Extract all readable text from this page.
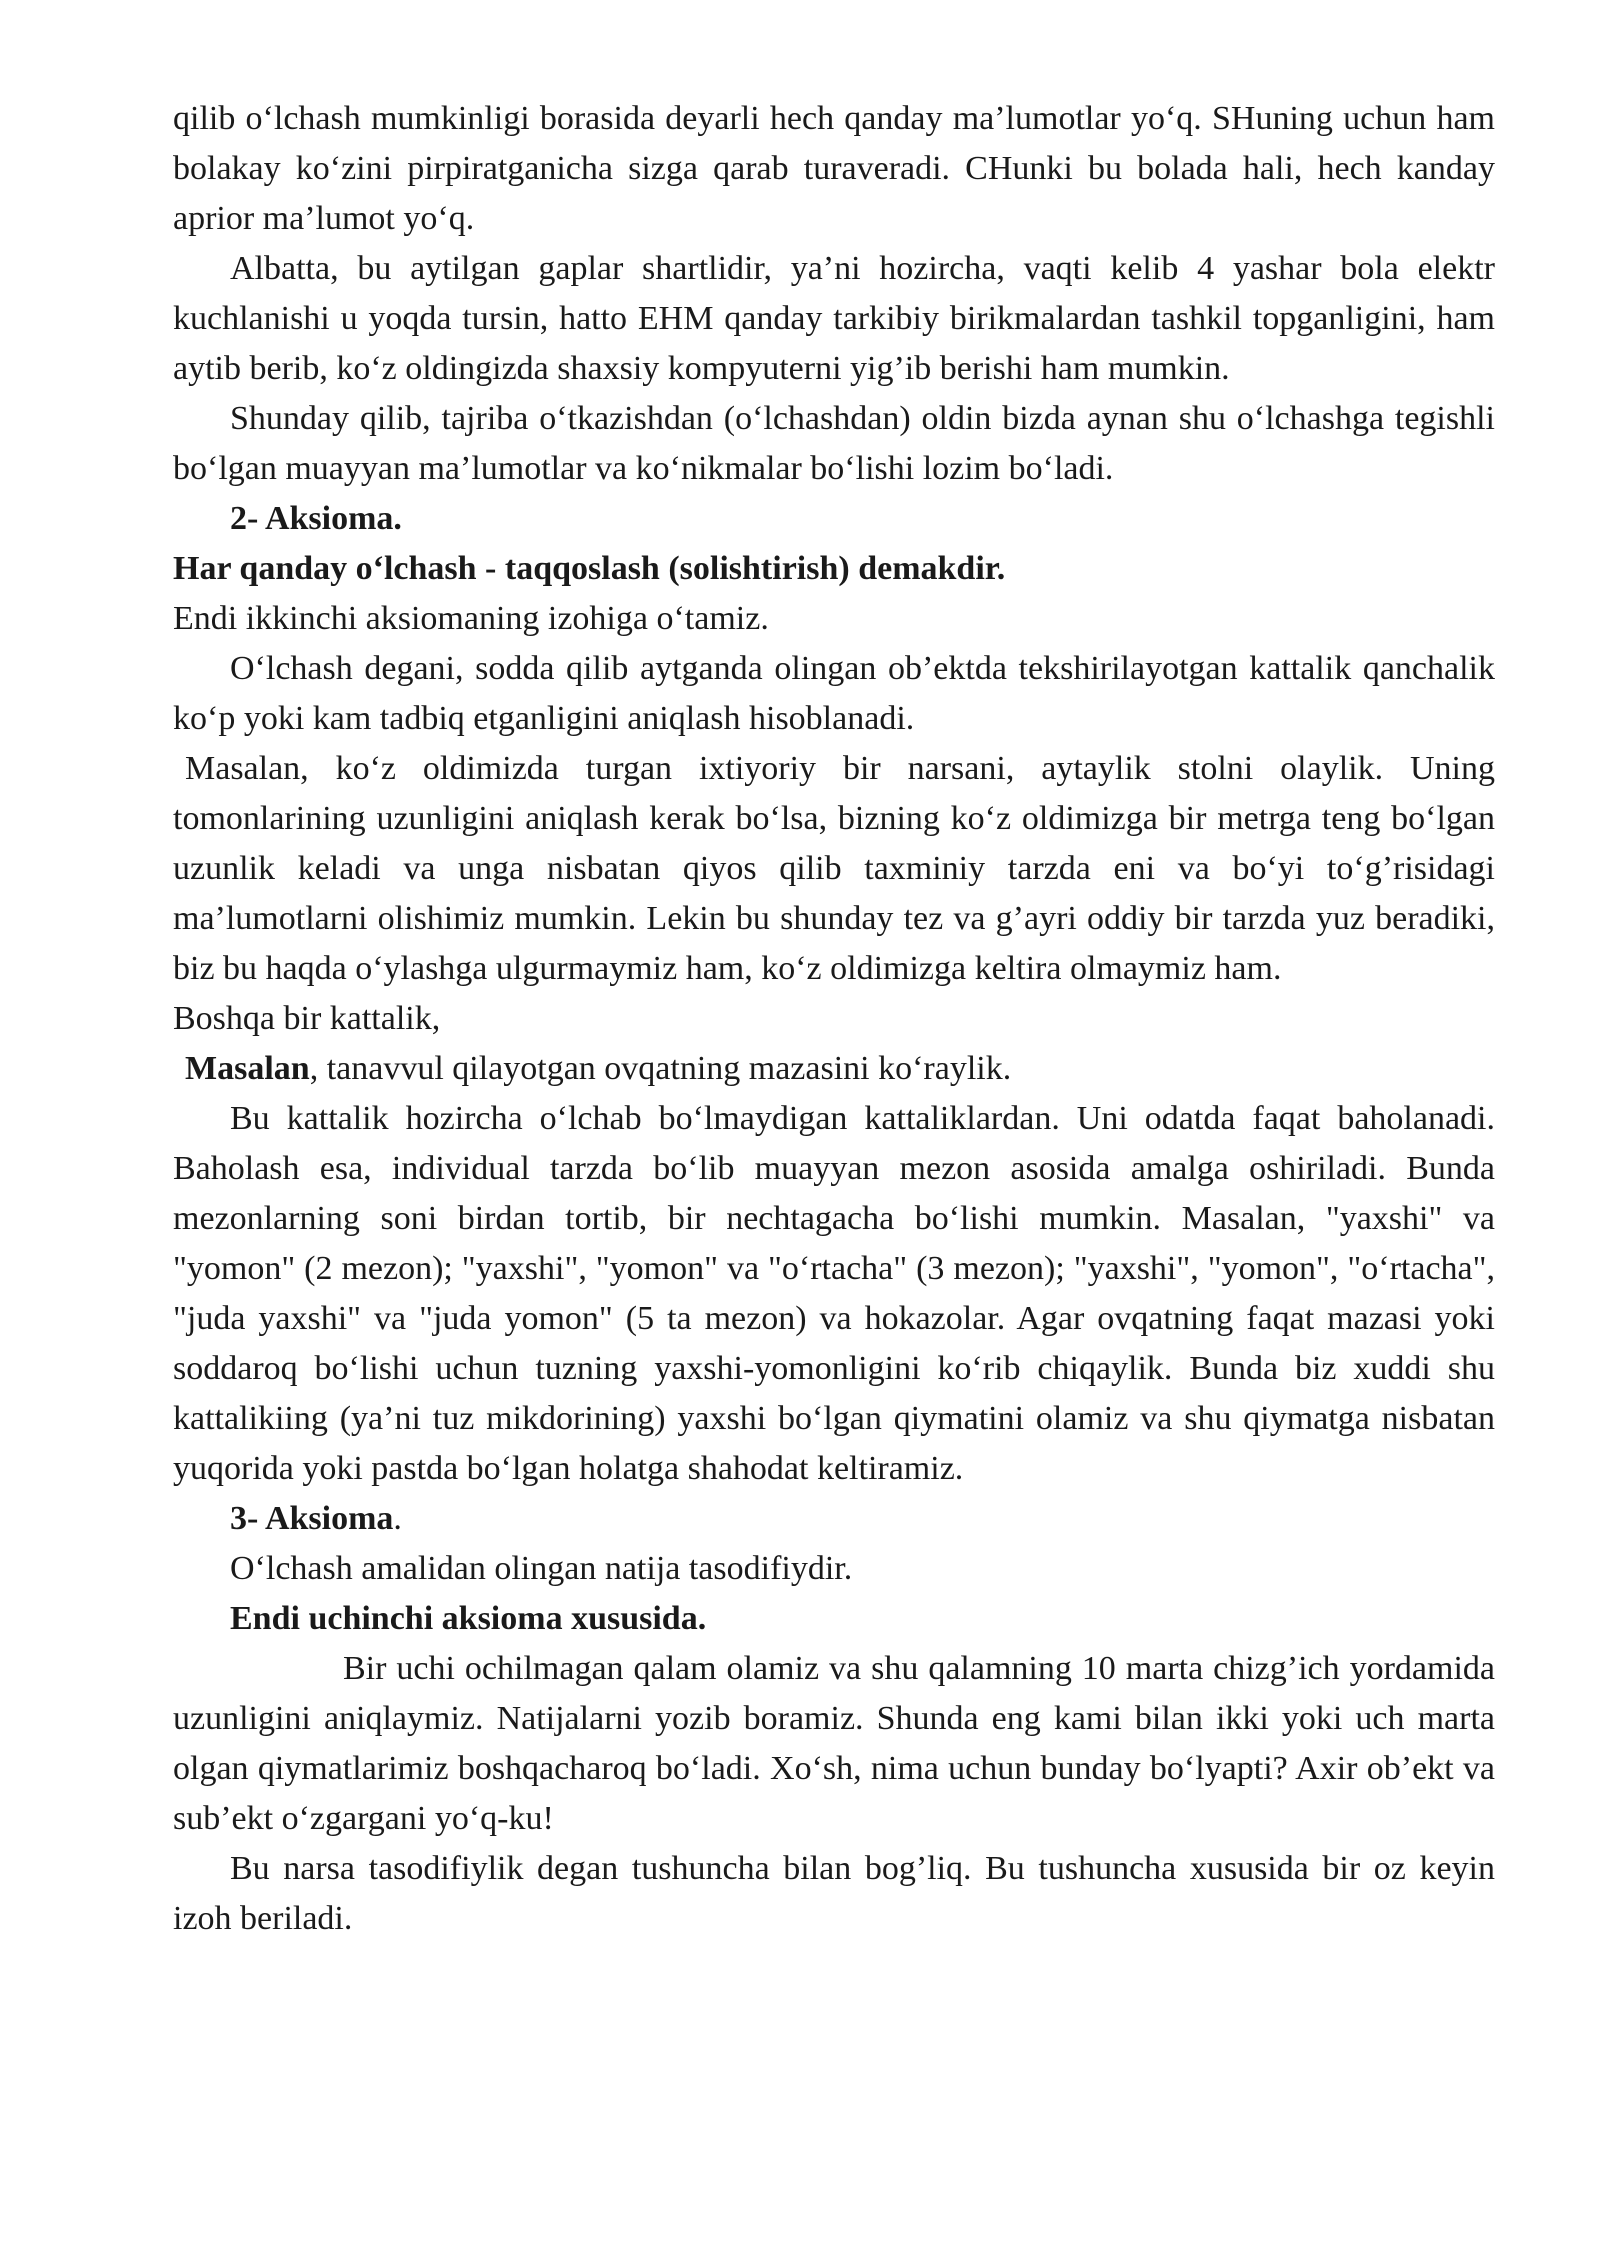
qilib o‘lchash mumkinligi borasida deyarli hech qanday ma’lumotlar yo‘q. SHuning uchun ham bolakay ko‘zini pirpiratganicha sizga qarab turaveradi. CHunki bu bolada hali, hech kanday aprior ma’lumot yo‘q.

Albatta, bu aytilgan gaplar shartlidir, ya’ni hozircha, vaqti kelib 4 yashar bola elektr kuchlanishi u yoqda tursin, hatto EHM qanday tarkibiy birikmalardan tashkil topganligini, ham aytib berib, ko‘z oldingizda shaxsiy kompyuterni yig’ib berishi ham mumkin.

Shunday qilib, tajriba o‘tkazishdan (o‘lchashdan) oldin bizda aynan shu o‘lchashga tegishli bo‘lgan muayyan ma’lumotlar va ko‘nikmalar bo‘lishi lozim bo‘ladi.

2- Aksioma.

Har qanday o‘lchash - taqqoslash (solishtirish) demakdir.

Endi ikkinchi aksiomaning izohiga o‘tamiz.

O‘lchash degani, sodda qilib aytganda olingan ob’ektda tekshirilayotgan kattalik qanchalik ko‘p yoki kam tadbiq etganligini aniqlash hisoblanadi.

Masalan, ko‘z oldimizda turgan ixtiyoriy bir narsani, aytaylik stolni olaylik. Uning tomonlarining uzunligini aniqlash kerak bo‘lsa, bizning ko‘z oldimizga bir metrga teng bo‘lgan uzunlik keladi va unga nisbatan qiyos qilib taxminiy tarzda eni va bo‘yi to‘g’risidagi ma’lumotlarni olishimiz mumkin. Lekin bu shunday tez va g’ayri oddiy bir tarzda yuz beradiki, biz bu haqda o‘ylashga ulgurmaymiz ham, ko‘z oldimizga keltira olmaymiz ham.

Boshqa bir kattalik,

Masalan, tanavvul qilayotgan ovqatning mazasini ko‘raylik.

Bu kattalik hozircha o‘lchab bo‘lmaydigan kattaliklardan. Uni odatda faqat baholanadi. Baholash esa, individual tarzda bo‘lib muayyan mezon asosida amalga oshiriladi. Bunda mezonlarning soni birdan tortib, bir nechtagacha bo‘lishi mumkin. Masalan, "yaxshi" va "yomon" (2 mezon); "yaxshi", "yomon" va "o‘rtacha" (3 mezon); "yaxshi", "yomon", "o‘rtacha", "juda yaxshi" va "juda yomon" (5 ta mezon) va hokazolar. Agar ovqatning faqat mazasi yoki soddaroq bo‘lishi uchun tuzning yaxshi-yomonligini ko‘rib chiqaylik. Bunda biz xuddi shu kattalikiing (ya’ni tuz mikdorining) yaxshi bo‘lgan qiymatini olamiz va shu qiymatga nisbatan yuqorida yoki pastda bo‘lgan holatga shahodat keltiramiz.

3- Aksioma.

O‘lchash amalidan olingan natija tasodifiydir.

Endi uchinchi aksioma xususida.

Bir uchi ochilmagan qalam olamiz va shu qalamning 10 marta chizg’ich yordamida uzunligini aniqlaymiz. Natijalarni yozib boramiz. Shunda eng kami bilan ikki yoki uch marta olgan qiymatlarimiz boshqacharoq bo‘ladi. Xo‘sh, nima uchun bunday bo‘lyapti? Axir ob’ekt va sub’ekt o‘zgargani yo‘q-ku!

Bu narsa tasodifiylik degan tushuncha bilan bog’liq. Bu tushuncha xususida bir oz keyin izoh beriladi.
